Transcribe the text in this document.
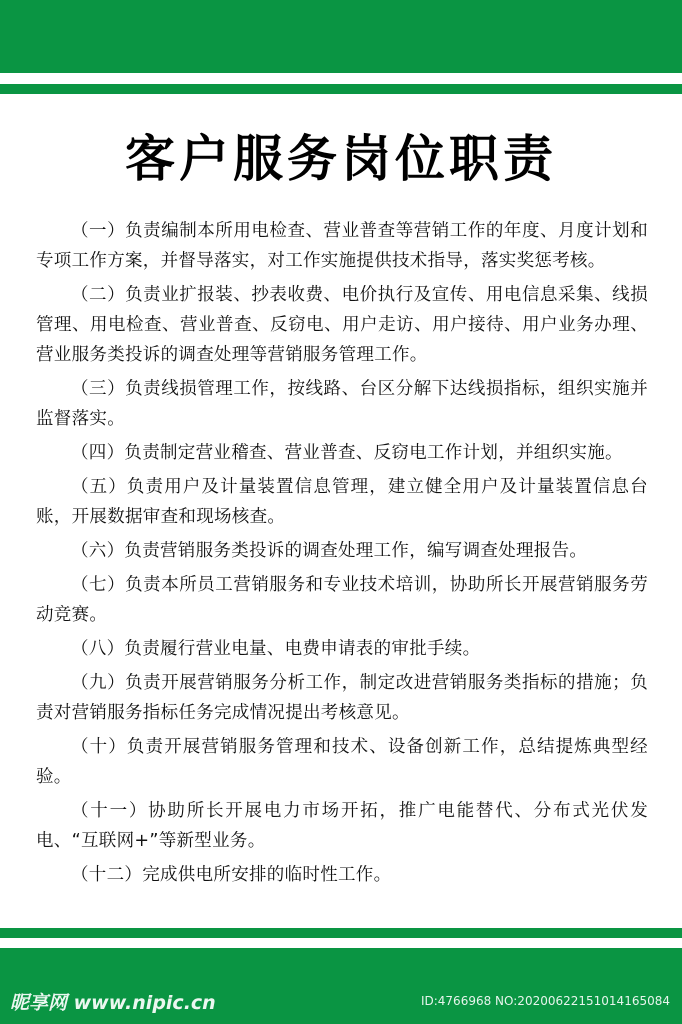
客户服务岗位职责

（一）负责编制本所用电检查、营业普查等营销工作的年度、月度计划和专项工作方案，并督导落实，对工作实施提供技术指导，落实奖惩考核。

（二）负责业扩报装、抄表收费、电价执行及宣传、用电信息采集、线损管理、用电检查、营业普查、反窃电、用户走访、用户接待、用户业务办理、营业服务类投诉的调查处理等营销服务管理工作。

（三）负责线损管理工作，按线路、台区分解下达线损指标，组织实施并监督落实。

（四）负责制定营业稽查、营业普查、反窃电工作计划，并组织实施。

（五）负责用户及计量装置信息管理，建立健全用户及计量装置信息台账，开展数据审查和现场核查。

（六）负责营销服务类投诉的调查处理工作，编写调查处理报告。

（七）负责本所员工营销服务和专业技术培训，协助所长开展营销服务劳动竞赛。

（八）负责履行营业电量、电费申请表的审批手续。

（九）负责开展营销服务分析工作，制定改进营销服务类指标的措施；负责对营销服务指标任务完成情况提出考核意见。

（十）负责开展营销服务管理和技术、设备创新工作，总结提炼典型经验。

（十一）协助所长开展电力市场开拓，推广电能替代、分布式光伏发电、“互联网+”等新型业务。

（十二）完成供电所安排的临时性工作。

昵享网 www.nipic.cn	ID:4766968 NO:20200622151014165084
